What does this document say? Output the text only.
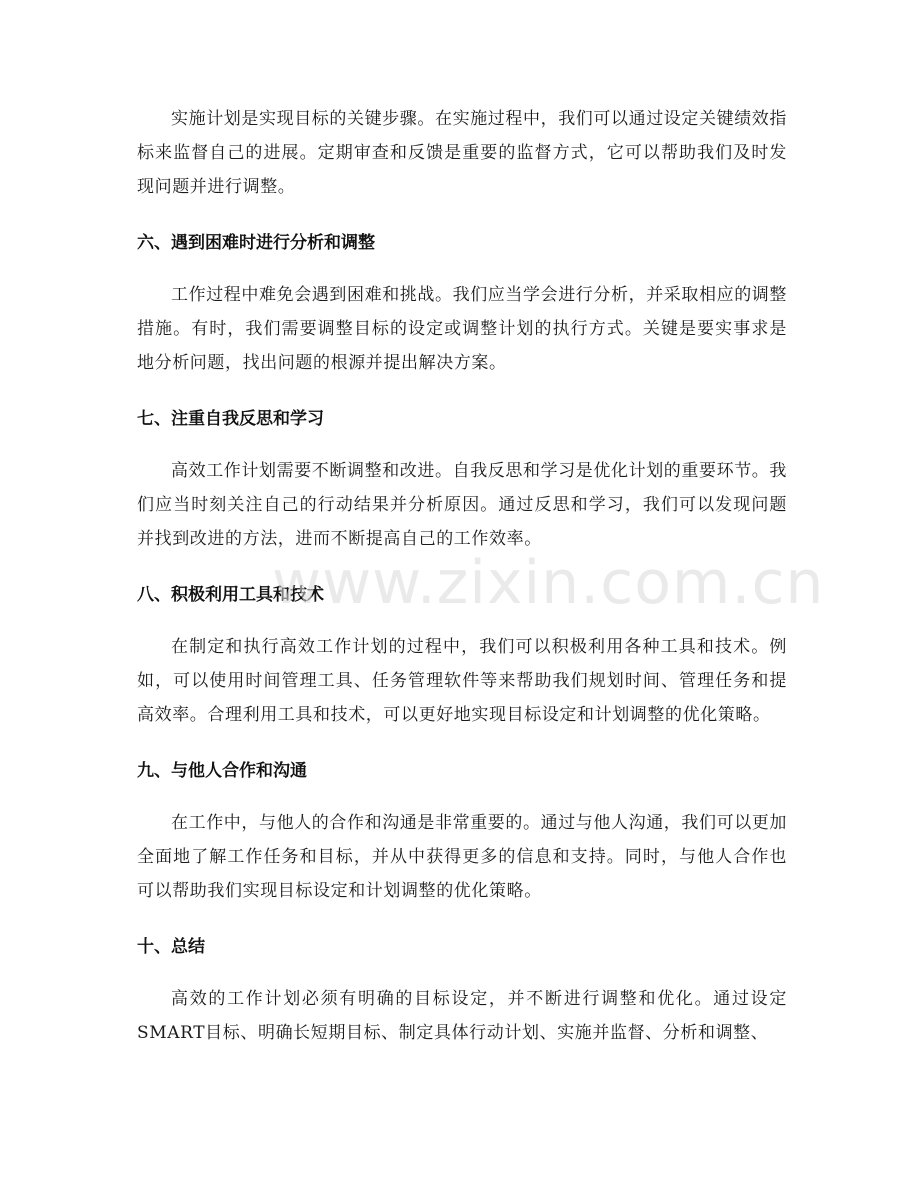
实施计划是实现目标的关键步骤。在实施过程中，我们可以通过设定关键绩效指标来监督自己的进展。定期审查和反馈是重要的监督方式，它可以帮助我们及时发现问题并进行调整。

六、遇到困难时进行分析和调整

工作过程中难免会遇到困难和挑战。我们应当学会进行分析，并采取相应的调整措施。有时，我们需要调整目标的设定或调整计划的执行方式。关键是要实事求是地分析问题，找出问题的根源并提出解决方案。

七、注重自我反思和学习

高效工作计划需要不断调整和改进。自我反思和学习是优化计划的重要环节。我们应当时刻关注自己的行动结果并分析原因。通过反思和学习，我们可以发现问题并找到改进的方法，进而不断提高自己的工作效率。

八、积极利用工具和技术

在制定和执行高效工作计划的过程中，我们可以积极利用各种工具和技术。例如，可以使用时间管理工具、任务管理软件等来帮助我们规划时间、管理任务和提高效率。合理利用工具和技术，可以更好地实现目标设定和计划调整的优化策略。

九、与他人合作和沟通

在工作中，与他人的合作和沟通是非常重要的。通过与他人沟通，我们可以更加全面地了解工作任务和目标，并从中获得更多的信息和支持。同时，与他人合作也可以帮助我们实现目标设定和计划调整的优化策略。

十、总结

高效的工作计划必须有明确的目标设定，并不断进行调整和优化。通过设定SMART目标、明确长短期目标、制定具体行动计划、实施并监督、分析和调整、

www.zixin.com.cn
